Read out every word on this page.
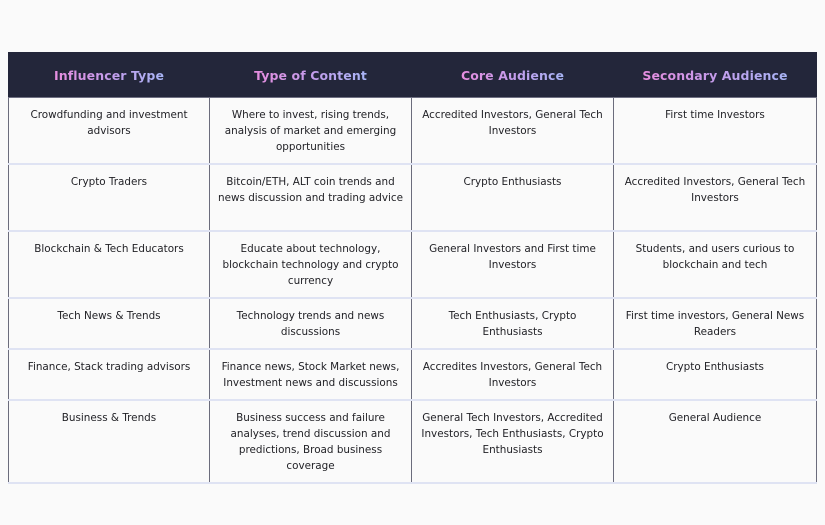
Influencer Type	Type of Content	Core Audience	Secondary Audience
Crowdfunding and investment advisors	Where to invest, rising trends, analysis of market and emerging opportunities	Accredited Investors, General Tech Investors	First time Investors
Crypto Traders	Bitcoin/ETH, ALT coin trends and news discussion and trading advice	Crypto Enthusiasts	Accredited Investors, General Tech Investors
Blockchain & Tech Educators	Educate about technology, blockchain technology and crypto currency	General Investors and First time Investors	Students, and users curious to blockchain and tech
Tech News & Trends	Technology trends and news discussions	Tech Enthusiasts, Crypto Enthusiasts	First time investors, General News Readers
Finance, Stack trading advisors	Finance news, Stock Market news, Investment news and discussions	Accredites Investors, General Tech Investors	Crypto Enthusiasts
Business & Trends	Business success and failure analyses, trend discussion and predictions, Broad business coverage	General Tech Investors, Accredited Investors, Tech Enthusiasts, Crypto Enthusiasts	General Audience
